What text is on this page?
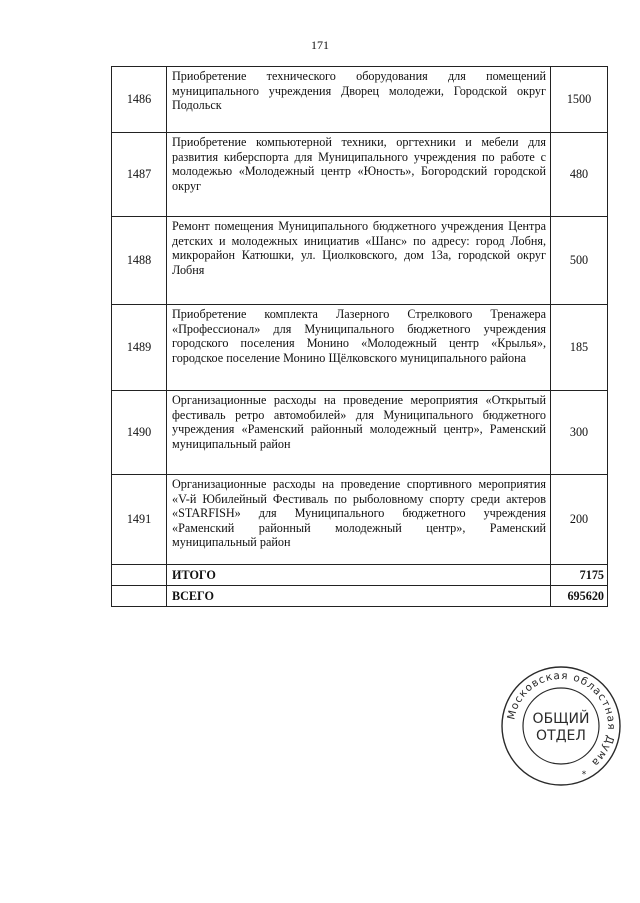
171
1486	Приобретение технического оборудования для помещений муниципального учреждения Дворец молодежи, Городской округ Подольск	1500
1487	Приобретение компьютерной техники, оргтехники и мебели для развития киберспорта для Муниципального учреждения по работе с молодежью «Молодежный центр «Юность», Богородский городской округ	480
1488	Ремонт помещения Муниципального бюджетного учреждения Центра детских и молодежных инициатив «Шанс» по адресу: город Лобня, микрорайон Катюшки, ул. Циолковского, дом 13а, городской округ Лобня	500
1489	Приобретение комплекта Лазерного Стрелкового Тренажера «Профессионал» для Муниципального бюджетного учреждения городского поселения Монино «Молодежный центр «Крылья», городское поселение Монино Щёлковского муниципального района	185
1490	Организационные расходы на проведение мероприятия «Открытый фестиваль ретро автомобилей» для Муниципального бюджетного учреждения «Раменский районный молодежный центр», Раменский муниципальный район	300
1491	Организационные расходы на проведение спортивного мероприятия «V-й Юбилейный Фестиваль по рыболовному спорту среди актеров «STARFISH» для Муниципального бюджетного учреждения «Раменский районный молодежный центр», Раменский муниципальный район	200
	ИТОГО	7175
	ВСЕГО	695620
Московская областная Дума
ОБЩИЙ
ОТДЕЛ
*
